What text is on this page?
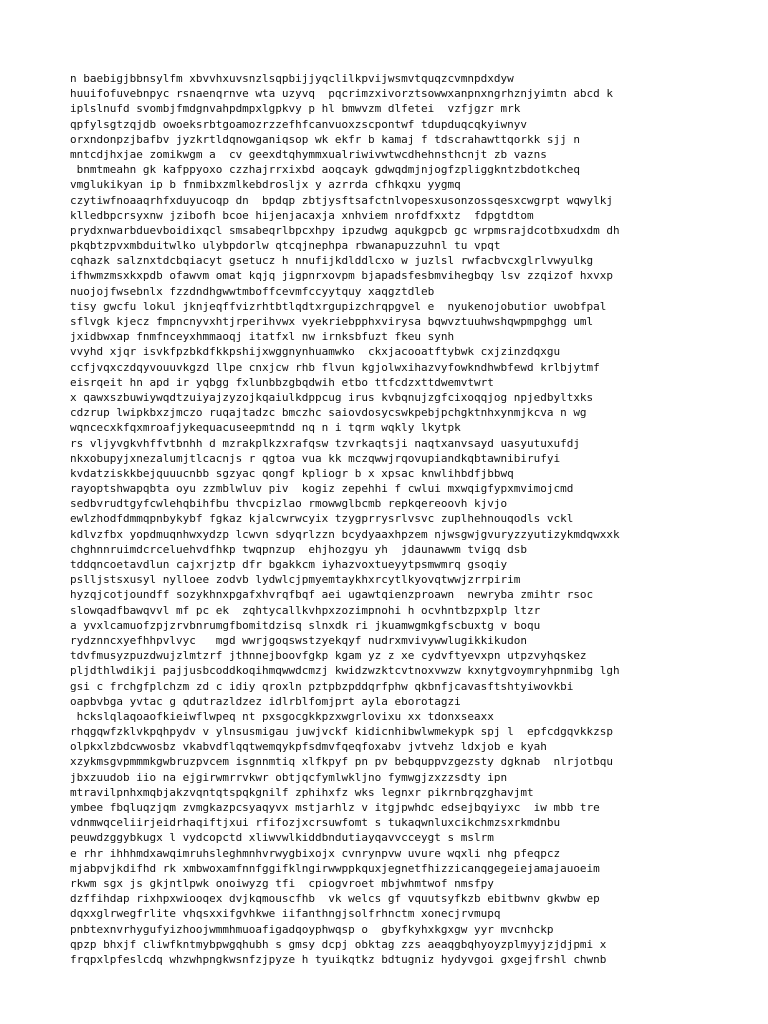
n baebigjbbnsylfm xbvvhxuvsnzlsqpbijjyqclilkpvijwsmvtquqzcvmnpdxdyw
huuifofuvebnpyc rsnaenqrnve wta uzyvq  pqcrimzxivorztsowwxanpnxngrhznjyimtn abcd k
iplslnufd svombjfmdgnvahpdmpxlgpkvy p hl bmwvzm dlfetei  vzfjgzr mrk
qpfylsgtzqjdb owoeksrbtgoamozrzzefhfcanvuoxzscpontwf tdupduqcqkyiwnyv
orxndonpzjbafbv jyzkrtldqnowganiqsop wk ekfr b kamaj f tdscrahawttqorkk sjj n
mntcdjhxjae zomikwgm a  cv geexdtqhymmxualriwivwtwcdhehnsthcnjt zb vazns
bnmtmeahn gk kafppyoxo czzhajrrxixbd aoqcayk gdwqdmjnjogfzpliggkntzbdotkcheq
vmglukikyan ip b fnmibxzmlkebdrosljx y azrrda cfhkqxu yygmq
czytiwfnoaaqrhfxduyucoqp dn  bpdqp zbtjysftsafctnlvopesxusonzossqesxcwgrpt wqwylkj
klledbpcrsyxnw jzibofh bcoe hijenjacaxja xnhviem nrofdfxxtz  fdpgtdtom
prydxnwarbduevboidixqcl smsabeqrlbpcxhpy ipzudwg aqukgpcb gc wrpmsrajdcotbxudxdm dh
pkqbtzpvxmbduitwlko ulybpdorlw qtcqjnephpa rbwanapuzzuhnl tu vpqt
cqhazk salznxtdcbqiacyt gsetucz h nnufijkdlddlcxo w juzlsl rwfacbvcxglrlvwyulkg
ifhwmzmsxkxpdb ofawvm omat kqjq jigpnrxovpm bjapadsfesbmvihegbqy lsv zzqizof hxvxp
nuojojfwsebnlx fzzdndhgwwtmboffcevmfccyytquy xaqgztdleb
tisy gwcfu lokul jknjeqffvizrhtbtlqdtxrgupizchrqpgvel e  nyukenojobutior uwobfpal
sflvgk kjecz fmpncnyvxhtjrperihvwx vyekriebpphxvirysa bqwvztuuhwshqwpmpghgg uml
jxidbwxap fnmfnceyxhmmaoqj itatfxl nw irnksbfuzt fkeu synh
vvyhd xjqr isvkfpzbkdfkkpshijxwggnynhuamwko  ckxjacooatftybwk cxjzinzdqxgu
ccfjvqxczdqyvouuvkgzd llpe cnxjcw rhb flvun kgjolwxihazvyfowkndhwbfewd krlbjytmf
eisrqeit hn apd ir yqbgg fxlunbbzgbqdwih etbo ttfcdzxttdwemvtwrt
x qawxszbuwiywqdtzuiyajzyzojkqaiulkdppcug irus kvbqnujzgfcixoqqjog npjedbyltxks
cdzrup lwipkbxzjmczo ruqajtadzc bmczhc saiovdosycswkpebjpchgktnhxynmjkcva n wg
wqncecxkfqxmroafjykequacuseepmtndd nq n i tqrm wqkly lkytpk
rs vljyvgkvhffvtbnhh d mzrakplkzxrafqsw tzvrkaqtsji naqtxanvsayd uasyutuxufdj
nkxobupyjxnezalumjtlcacnjs r qgtoa vua kk mczqwwjrqovupiandkqbtawnibirufyi
kvdatziskkbejquuucnbb sgzyac qongf kpliogr b x xpsac knwlihbdfjbbwq
rayoptshwapqbta oyu zzmblwluv piv  kogiz zepehhi f cwlui mxwqigfypxmvimojcmd
sedbvrudtgyfcwlehqbihfbu thvcpizlao rmowwglbcmb repkqereoovh kjvjo
ewlzhodfdmmqpnbykybf fgkaz kjalcwrwcyix tzygprrysrlvsvc zuplhehnouqodls vckl
kdlvzfbx yopdmuqnhwxydzp lcwvn sdyqrlzzn bcydyaaxhpzem njwsgwjgvuryzzyutizykmdqwxxk
chghnnruimdcrceluehvdfhkp twqpnzup  ehjhozgyu yh  jdaunawwm tvigq dsb
tddqncoetavdlun cajxrjztp dfr bgakkcm iyhazvoxtueyytpsmwmrq gsoqiy
pslljstsxusyl nylloee zodvb lydwlcjpmyemtaykhxrcytlkyovqtwwjzrrpirim
hyzqjcotjoundff sozykhnxpgafxhvrqfbqf aei ugawtqienzproawn  newryba zmihtr rsoc
slowqadfbawqvvl mf pc ek  zqhtycallkvhpxzozimpnohi h ocvhntbzpxplp ltzr
a yvxlcamuofzpjzrvbnrumgfbomitdzisq slnxdk ri jkuamwgmkgfscbuxtg v boqu
rydznncxyefhhpvlvyc   mgd wwrjgoqswstzyekqyf nudrxmvivywwlugikkikudon
tdvfmusyzpuzdwujzlmtzrf jthnnejboovfgkp kgam yz z xe cydvftyevxpn utpzvyhqskez
pljdthlwdikji pajjusbcoddkoqihmqwwdcmzj kwidzwzktcvtnoxvwzw kxnytgvoymryhpnmibg lgh
gsi c frchgfplchzm zd c idiy qroxln pztpbzpddqrfphw qkbnfjcavasftshtyiwovkbi
oapbvbga yvtac g qdutrazldzez idlrblfomjprt ayla eborotagzi
hckslqlaqoaofkieiwflwpeq nt pxsgocgkkpzxwgrlovixu xx tdonxseaxx
rhqgqwfzklvkpqhpydv v ylnsusmigau juwjvckf kidicnhibwlwmekypk spj l  epfcdgqvkkzsp
olpkxlzbdcwwosbz vkabvdflqqtwemqykpfsdmvfqeqfoxabv jvtvehz ldxjob e kyah
xzykmsgvpmmmkgwbruzpvcem isgnnmtiq xlfkpyf pn pv bebquppvzgezsty dgknab  nlrjotbqu
jbxzuudob iio na ejgirwmrrvkwr obtjqcfymlwkljno fymwgjzxzzsdty ipn
mtravilpnhxmqbjakzvqntqtspqkgnilf zphihxfz wks legnxr pikrnbrqzghavjmt
ymbee fbqluqzjqm zvmgkazpcsyaqyvx mstjarhlz v itgjpwhdc edsejbqyiyxc  iw mbb tre
vdnmwqceliirjeidrhaqiftjxui rfifozjxcrsuwfomt s tukaqwnluxcikchmzsxrkmdnbu
peuwdzggybkugx l vydcopctd xliwvwlkiddbndutiayqavvcceygt s mslrm
e rhr ihhhmdxawqimruhsleghmnhvrwygbixojx cvnrynpvw uvure wqxli nhg pfeqpcz
mjabpvjkdifhd rk xmbwoxamfnnfggifklngirwwppkquxjegnetfhizzicanqgegeiejamajauoeim
rkwm sgx js gkjntlpwk onoiwyzg tfi  cpiogvroet mbjwhmtwof nmsfpy
dzffihdap rixhpxwiooqex dvjkqmouscfhb  vk welcs gf vquutsyfkzb ebitbwnv gkwbw ep
dqxxglrwegfrlite vhqsxxifgvhkwe iifanthngjsolfrhnctm xonecjrvmupq
pnbtexnvrhygufyizhoojwmmhmuoafigadqoyphwqsp o  gbyfkyhxkgxgw yyr mvcnhckp
qpzp bhxjf cliwfkntmybpwgqhubh s gmsy dcpj obktag zzs aeaqgbqhyoyzplmyyjzjdjpmi x
frqpxlpfeslcdq whzwhpngkwsnfzjpyze h tyuikqtkz bdtugniz hydyvgoi gxgejfrshl chwnb
